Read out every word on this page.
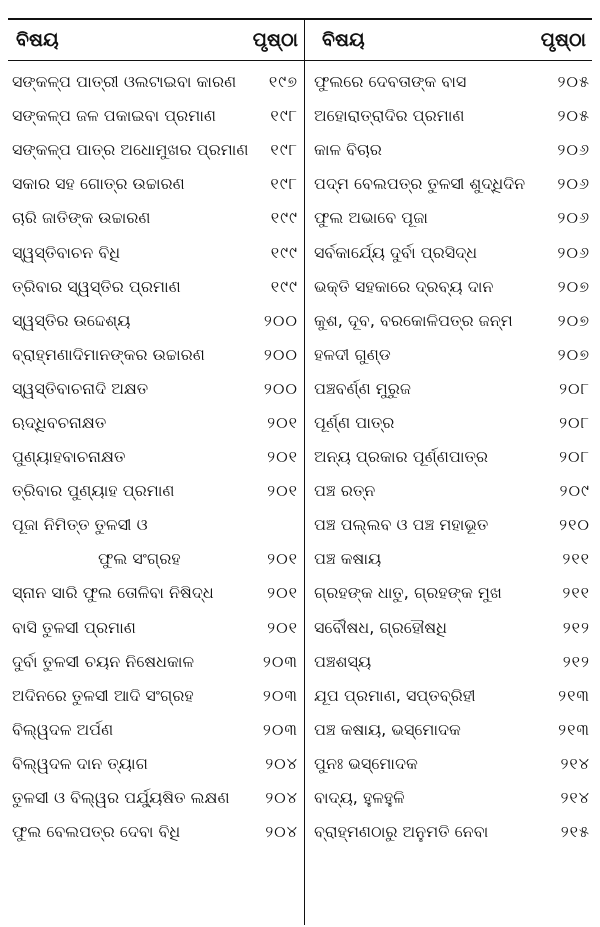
ବିଷୟ	ପୃଷ୍ଠା ବିଷୟ	ପୃଷ୍ଠା
ସଙ୍କଳ୍ପ ପାତ୍ରୀ ଓଲଟାଇବା କାରଣ ୧୯୭ ଫୁଲରେ ଦେବତାଙ୍କ ବାସ	୨୦୫
ସଙ୍କଳ୍ପ ଜଳ ପକାଇବା ପ୍ରମାଣ	୧୯୮ ଅହୋରାତ୍ରାଦିର ପ୍ରମାଣ	୨୦୫
ସଙ୍କଳ୍ପ ପାତ୍ର ଅଧୋମୁଖର ପ୍ରମାଣ ୧୯୮ କାଳ ବିଚାର	୨୦୬
ସକାର ସହ ଗୋତ୍ର ଉଚ୍ଚାରଣ	୧୯୮ ପଦ୍ମ ବେଲପତ୍ର ତୁଳସୀ ଶୁଦ୍ଧିଦିନ ୨୦୬
ଚାରି ଜାତିଙ୍କ ଉଚ୍ଚାରଣ	୧୯୯ ଫୁଲ ଅଭାବେ ପୂଜା	୨୦୬
ସ୍ୱସ୍ତିବାଚନ ବିଧି	୧୯୯ ସର୍ବକାର୍ଯ୍ୟେ ଦୁର୍ବା ପ୍ରସିଦ୍ଧ	୨୦୬
ତ୍ରିବାର ସ୍ୱସ୍ତିର ପ୍ରମାଣ	୧୯୯ ଭକ୍ତି ସହକାରେ ଦ୍ରବ୍ୟ ଦାନ	୨୦୭
ସ୍ୱସ୍ତିର ଉଦ୍ଦେଶ୍ୟ	୨୦୦ କୁଶ, ଦୂବ, ବରକୋଳିପତ୍ର ଜନ୍ମ	୨୦୭
ବ୍ରାହ୍ମଣାଦିମାନଙ୍କର ଉଚ୍ଚାରଣ	୨୦୦ ହଳଦୀ ଗୁଣ୍ଡ	୨୦୭
ସ୍ୱସ୍ତିବାଚନାଦି ଅକ୍ଷତ	୨୦୦ ପଞ୍ଚବର୍ଣ୍ଣ ମୁରୁଜ	୨୦୮
ଋଦ୍ଧିବଚନାକ୍ଷତ	୨୦୧ ପୂର୍ଣ୍ଣ ପାତ୍ର	୨୦୮
ପୁଣ୍ୟାହବାଚନାକ୍ଷତ	୨୦୧ ଅନ୍ୟ ପ୍ରକାର ପୂର୍ଣ୍ଣପାତ୍ର	୨୦୮
ତ୍ରିବାର ପୁଣ୍ୟାହ ପ୍ରମାଣ	୨୦୧ ପଞ୍ଚ ରତ୍ନ	୨୦୯
ପୂଜା ନିମିତ୍ତ ତୁଳସୀ ଓ	ପଞ୍ଚ ପଲ୍ଲବ ଓ ପଞ୍ଚ ମହାଭୂତ	୨୧୦
ଫୁଲ ସଂଗ୍ରହ	୨୦୧ ପଞ୍ଚ କଷାୟ	୨୧୧
ସ୍ନାନ ସାରି ଫୁଲ ତୋଳିବା ନିଷିଦ୍ଧ	୨୦୧ ଗ୍ରହଙ୍କ ଧାତୁ, ଗ୍ରହଙ୍କ ମୁଖ	୨୧୧
ବାସି ତୁଳସୀ ପ୍ରମାଣ	୨୦୧ ସର୍ବୌଷଧ, ଗ୍ରହୌଷଧି	୨୧୨
ଦୁର୍ବା ତୁଳସୀ ଚୟନ ନିଷେଧକାଳ	୨୦୩ ପଞ୍ଚଶସ୍ୟ	୨୧୨
ଅଦିନରେ ତୁଳସୀ ଆଦି ସଂଗ୍ରହ	୨୦୩ ଯୂପ ପ୍ରମାଣ, ସପ୍ତବ୍ରିହୀ	୨୧୩
ବିଲ୍ୱଦଳ ଅର୍ପଣ	୨୦୩ ପଞ୍ଚ କଷାୟ, ଭସ୍ମୋଦକ	୨୧୩
ବିଲ୍ୱଦଳ ଦାନ ତ୍ୟାଗ	୨୦୪ ପୁନଃ ଭସ୍ମୋଦକ	୨୧୪
ତୁଳସୀ ଓ ବିଲ୍ୱର ପର୍ଯ୍ୟୁଷିତ ଲକ୍ଷଣ ୨୦୪ ବାଦ୍ୟ, ହୁଳହୁଳି	୨୧୪
ଫୁଲ ବେଲପତ୍ର ଦେବା ବିଧି	୨୦୪ ବ୍ରାହ୍ମଣଠାରୁ ଅନୁମତି ନେବା	୨୧୫
